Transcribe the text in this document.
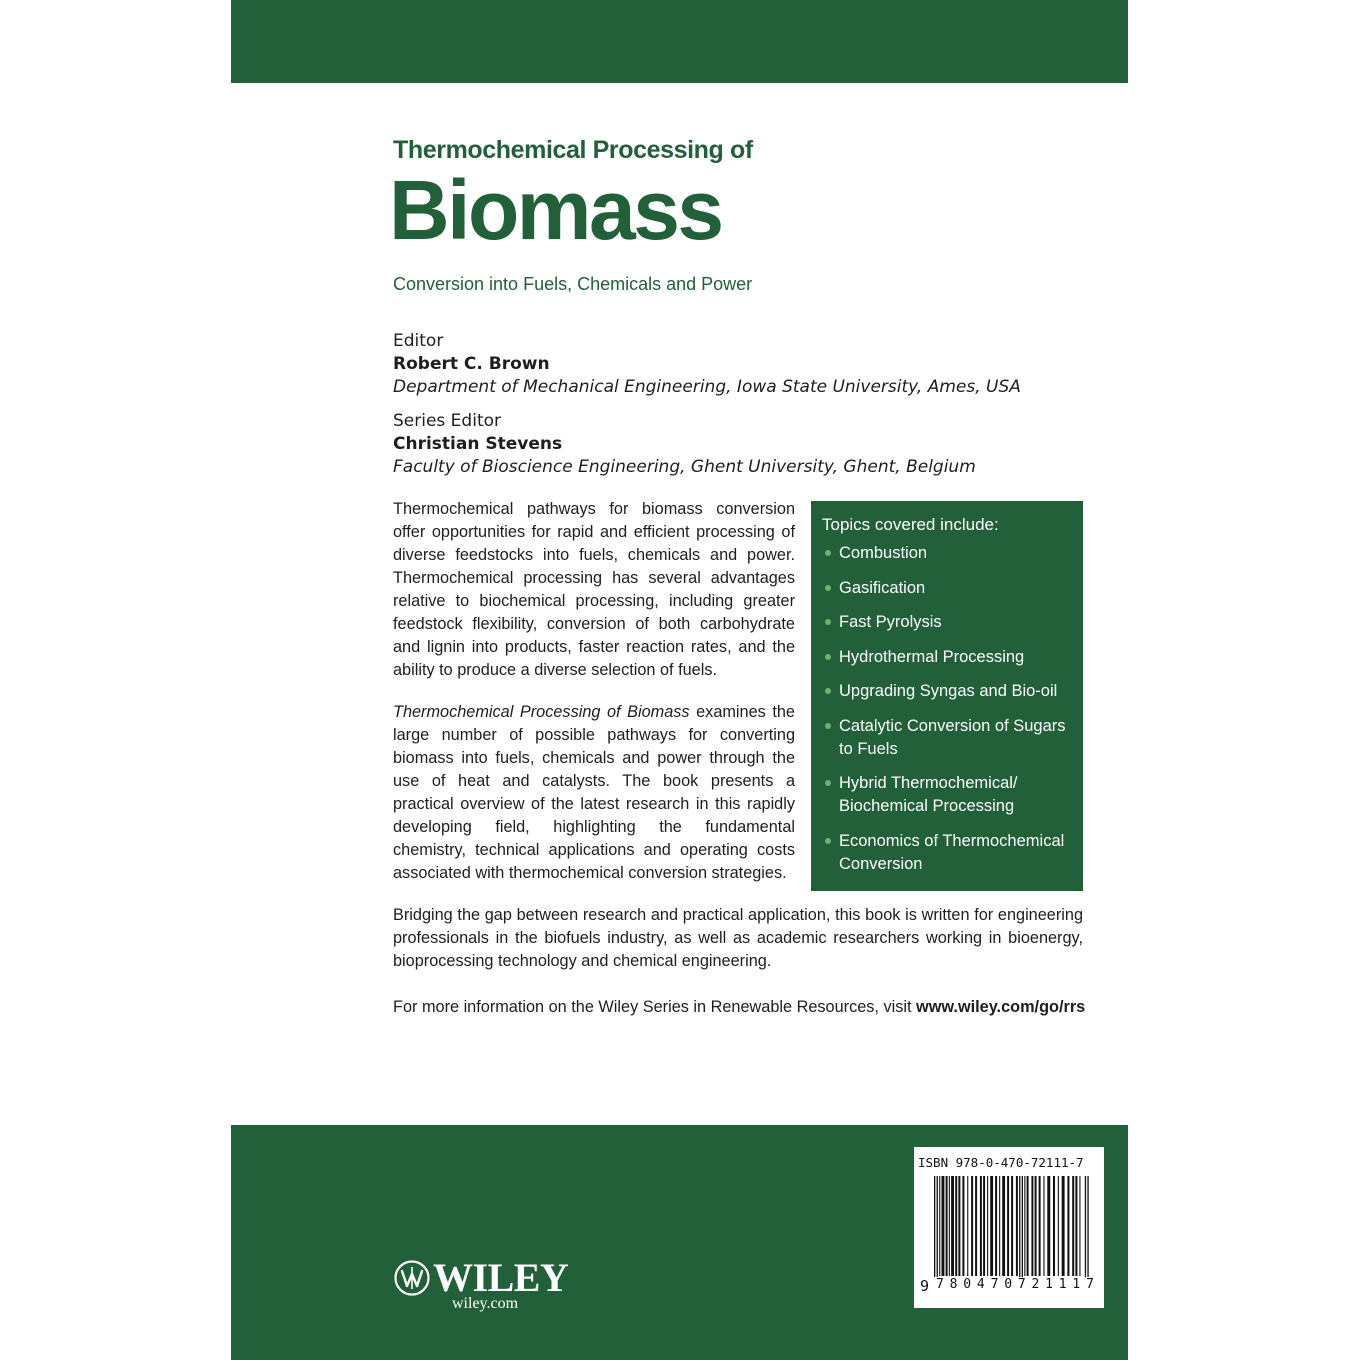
Thermochemical Processing of
Biomass
Conversion into Fuels, Chemicals and Power
Editor
Robert C. Brown
Department of Mechanical Engineering, Iowa State University, Ames, USA
Series Editor
Christian Stevens
Faculty of Bioscience Engineering, Ghent University, Ghent, Belgium
Thermochemical pathways for biomass conversion offer opportunities for rapid and efficient processing of diverse feedstocks into fuels, chemicals and power. Thermochemical processing has several advantages relative to biochemical processing, including greater feedstock flexibility, conversion of both carbohydrate and lignin into products, faster reaction rates, and the ability to produce a diverse selection of fuels.
Thermochemical Processing of Biomass examines the large number of possible pathways for converting biomass into fuels, chemicals and power through the use of heat and catalysts. The book presents a practical overview of the latest research in this rapidly developing field, highlighting the fundamental chemistry, technical applications and operating costs associated with thermochemical conversion strategies.
Topics covered include:
Combustion
Gasification
Fast Pyrolysis
Hydrothermal Processing
Upgrading Syngas and Bio-oil
Catalytic Conversion of Sugars to Fuels
Hybrid Thermochemical/ Biochemical Processing
Economics of Thermochemical Conversion
Bridging the gap between research and practical application, this book is written for engineering professionals in the biofuels industry, as well as academic researchers working in bioenergy, bioprocessing technology and chemical engineering.
For more information on the Wiley Series in Renewable Resources, visit www.wiley.com/go/rrs
WILEY
wiley.com
ISBN 978-0-470-72111-7
9 7 8 0 4 7 0 7 2 1 1 1 7
